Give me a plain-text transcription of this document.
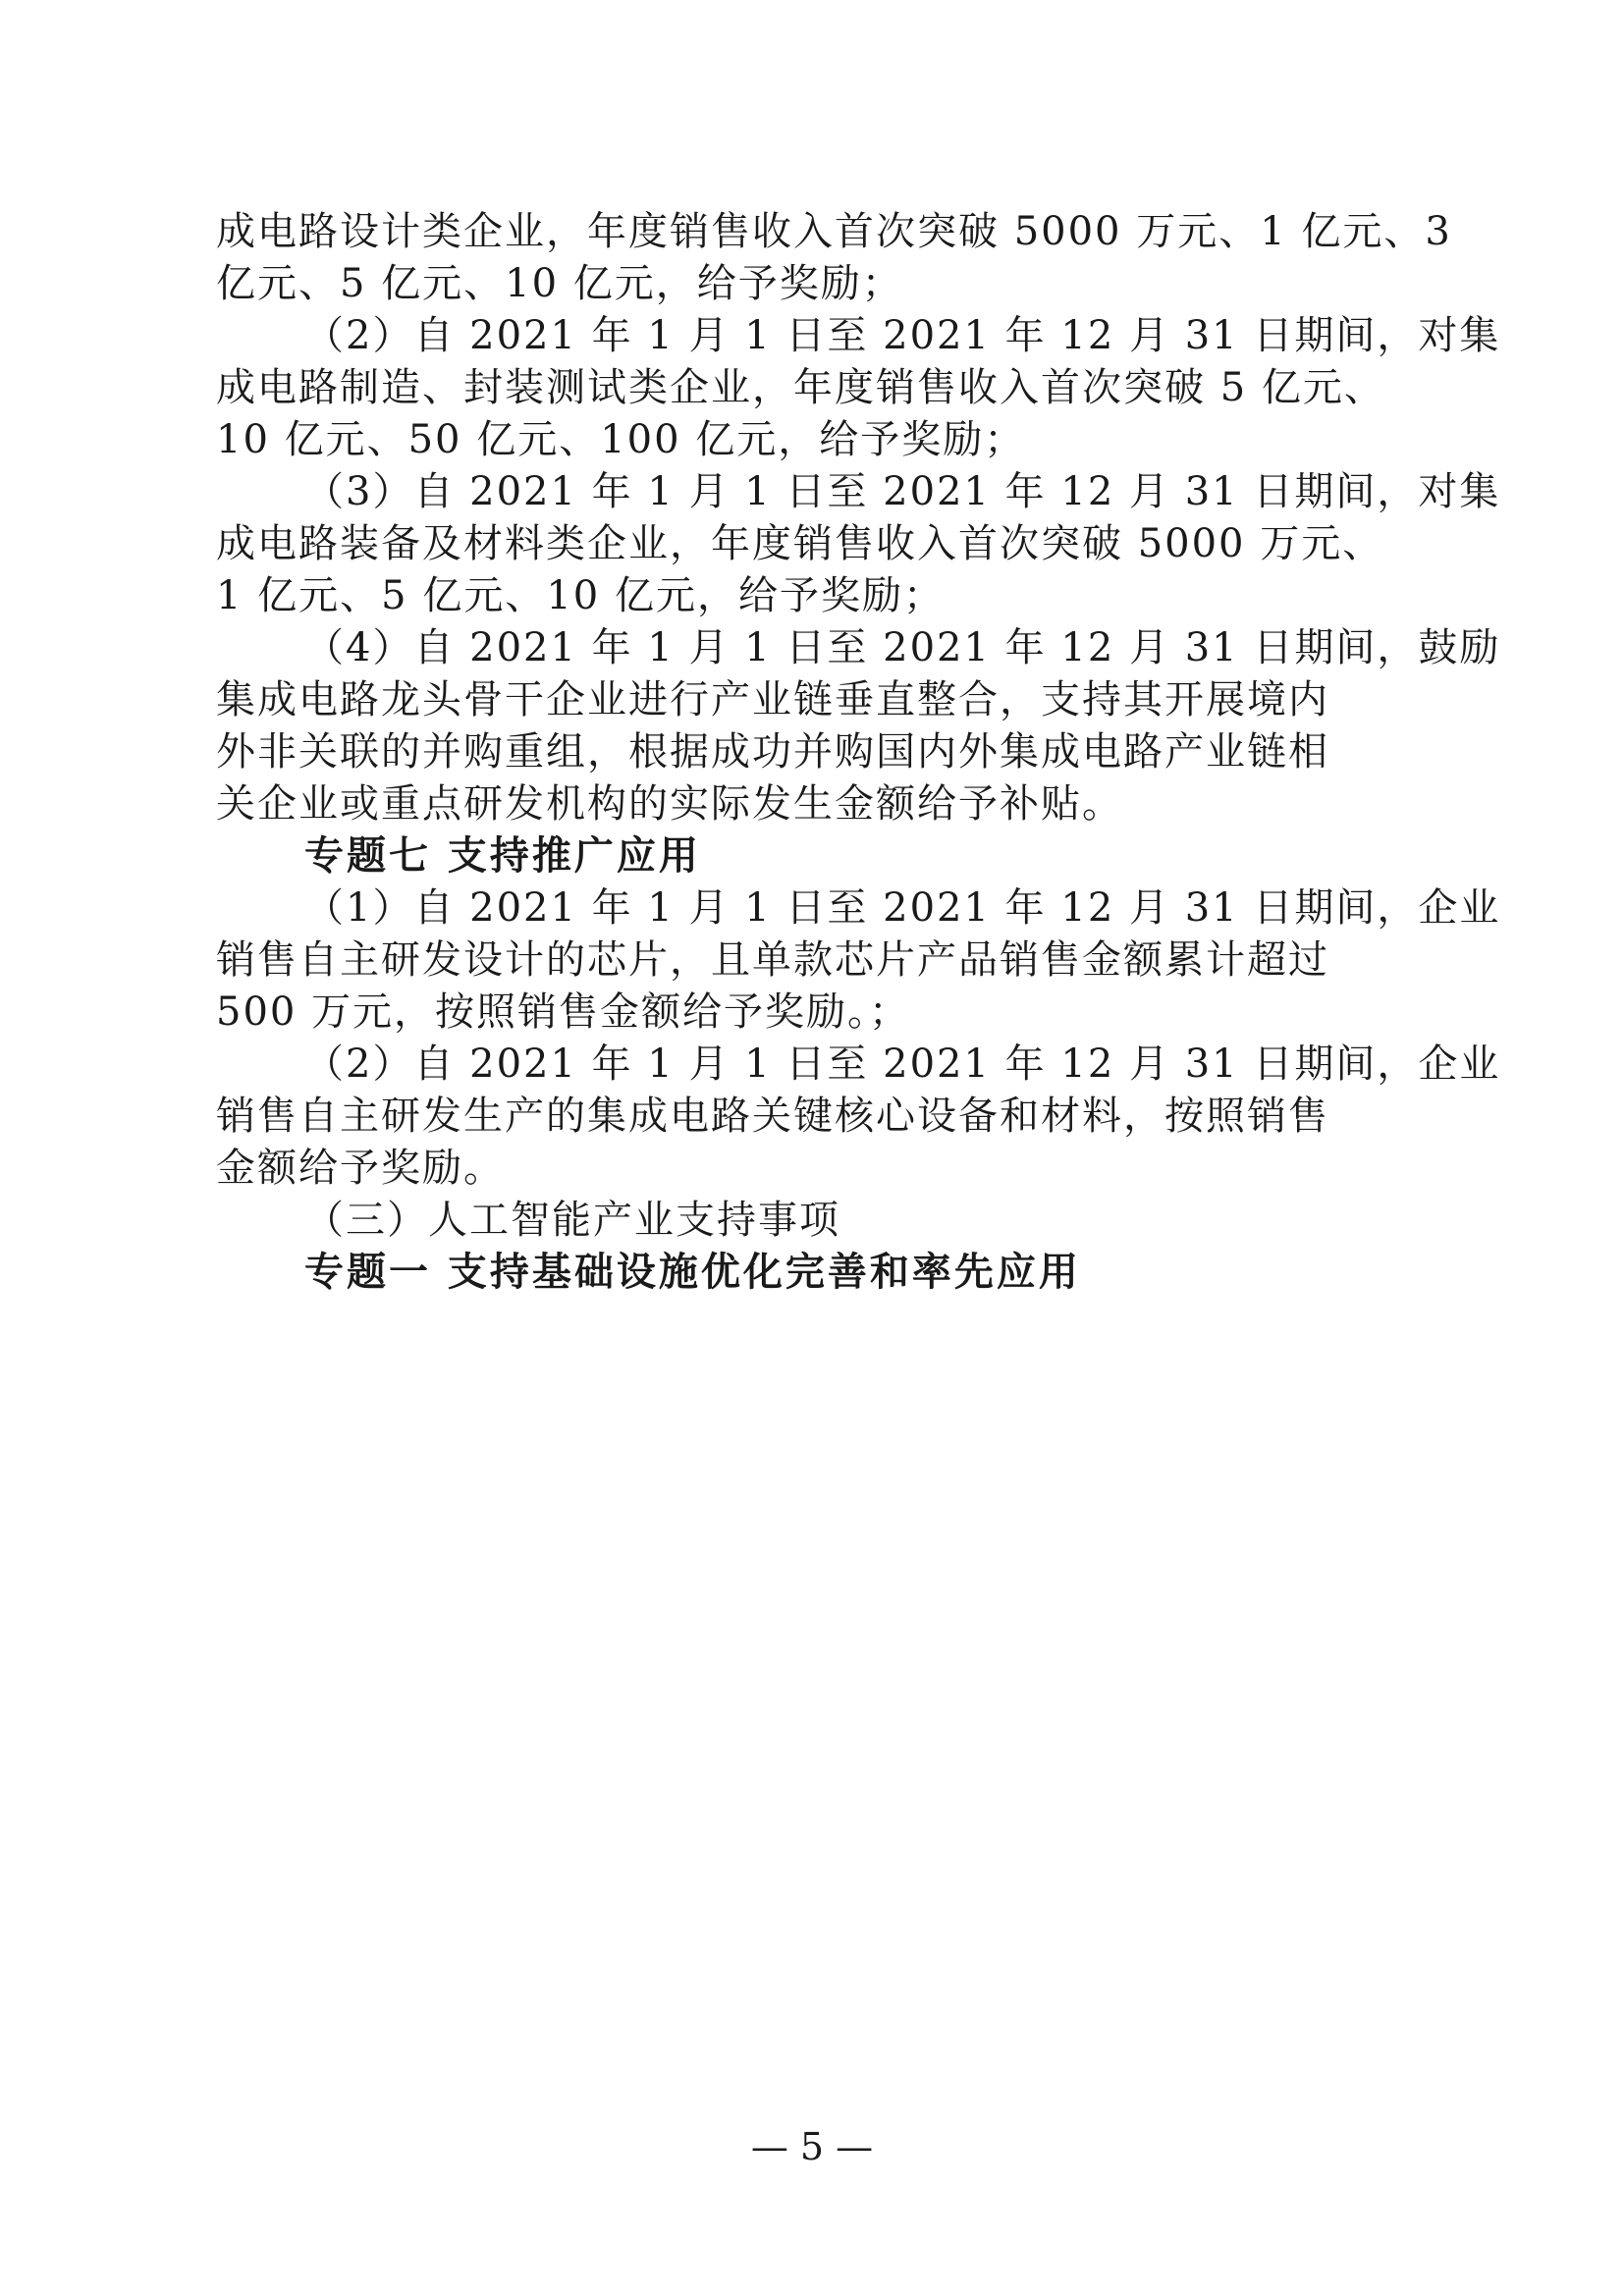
成电路设计类企业，年度销售收入首次突破 5000 万元、1 亿元、3
亿元、5 亿元、10 亿元，给予奖励；
（2）自 2021 年 1 月 1 日至 2021 年 12 月 31 日期间，对集
成电路制造、封装测试类企业，年度销售收入首次突破 5 亿元、
10 亿元、50 亿元、100 亿元，给予奖励；
（3）自 2021 年 1 月 1 日至 2021 年 12 月 31 日期间，对集
成电路装备及材料类企业，年度销售收入首次突破 5000 万元、
1 亿元、5 亿元、10 亿元，给予奖励；
（4）自 2021 年 1 月 1 日至 2021 年 12 月 31 日期间，鼓励
集成电路龙头骨干企业进行产业链垂直整合，支持其开展境内
外非关联的并购重组，根据成功并购国内外集成电路产业链相
关企业或重点研发机构的实际发生金额给予补贴。
专题七 支持推广应用
（1）自 2021 年 1 月 1 日至 2021 年 12 月 31 日期间，企业
销售自主研发设计的芯片，且单款芯片产品销售金额累计超过
500 万元，按照销售金额给予奖励。；
（2）自 2021 年 1 月 1 日至 2021 年 12 月 31 日期间，企业
销售自主研发生产的集成电路关键核心设备和材料，按照销售
金额给予奖励。
（三）人工智能产业支持事项
专题一 支持基础设施优化完善和率先应用
— 5 —
